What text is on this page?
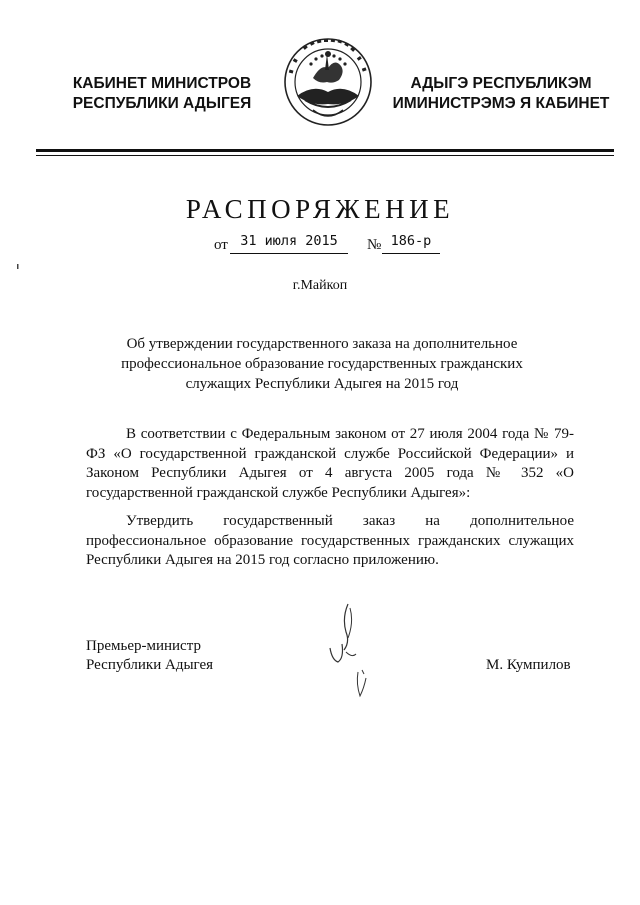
КАБИНЕТ МИНИСТРОВ
РЕСПУБЛИКИ АДЫГЕЯ
АДЫГЭ РЕСПУБЛИКЭМ
ИМИНИСТРЭМЭ Я КАБИНЕТ
РАСПОРЯЖЕНИЕ
от 31 июля 2015	№ 186-р
г.Майкоп
Об утверждении государственного заказа на дополнительное профессиональное образование государственных гражданских служащих Республики Адыгея на 2015 год
В соответствии с Федеральным законом от 27 июля 2004 года № 79-ФЗ «О государственной гражданской службе Российской Федерации» и Законом Республики Адыгея от 4 августа 2005 года № 352 «О государственной гражданской службе Республики Адыгея»:
Утвердить государственный заказ на дополнительное профессиональное образование государственных гражданских служащих Республики Адыгея на 2015 год согласно приложению.
Премьер-министр
Республики Адыгея	М. Кумпилов
